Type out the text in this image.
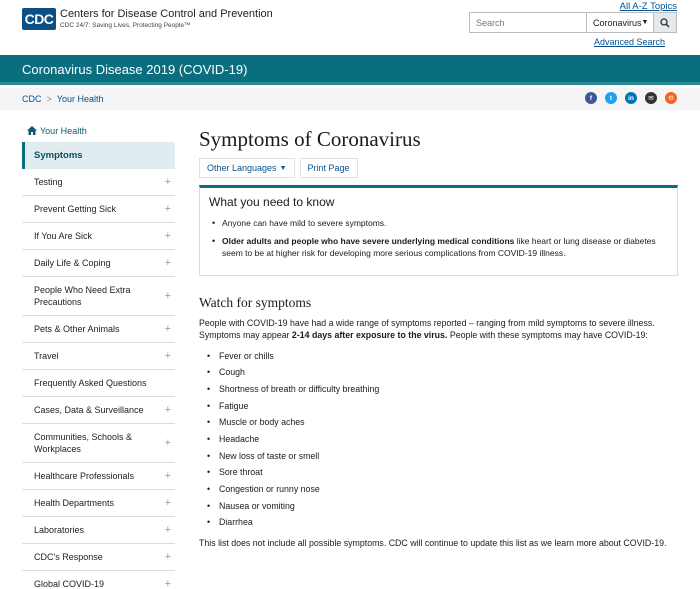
CDC Centers for Disease Control and Prevention
CDC 24/7: Saving Lives, Protecting People™
All A-Z Topics
Search
Coronavirus ▼
Advanced Search
Coronavirus Disease 2019 (COVID-19)
CDC > Your Health	f	t	in	✉	⚙
Your Health
Symptoms
Testing	+
Prevent Getting Sick	+
If You Are Sick	+
Daily Life & Coping	+
People Who Need Extra Precautions	+
Pets & Other Animals	+
Travel	+
Frequently Asked Questions
Cases, Data & Surveillance +
Communities, Schools & Workplaces	+
Healthcare Professionals	+
Health Departments	+
Laboratories	+
CDC's Response	+
Global COVID-19	+
Symptoms of Coronavirus
Other Languages ▼	Print Page
What you need to know
• Anyone can have mild to severe symptoms.
• Older adults and people who have severe underlying medical conditions like heart or lung disease or diabetes seem to be at higher risk for developing more serious complications from COVID-19 illness.
Watch for symptoms
People with COVID-19 have had a wide range of symptoms reported – ranging from mild symptoms to severe illness. Symptoms may appear 2-14 days after exposure to the virus. People with these symptoms may have COVID-19:
• Fever or chills
• Cough
• Shortness of breath or difficulty breathing
• Fatigue
• Muscle or body aches
• Headache
• New loss of taste or smell
• Sore throat
• Congestion or runny nose
• Nausea or vomiting
• Diarrhea
This list does not include all possible symptoms. CDC will continue to update this list as we learn more about COVID-19.
